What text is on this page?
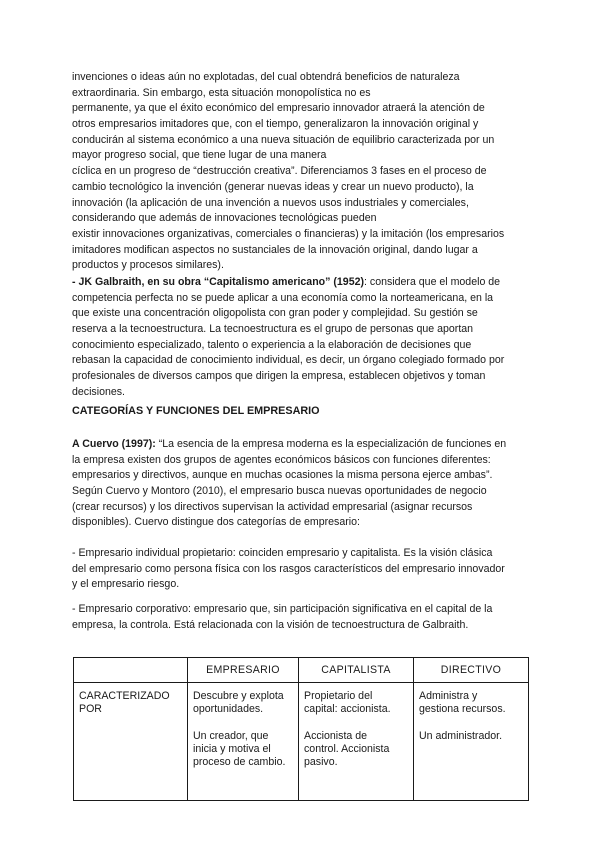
invenciones o ideas aún no explotadas, del cual obtendrá beneficios de naturaleza
extraordinaria. Sin embargo, esta situación monopolística no es
permanente, ya que el éxito económico del empresario innovador atraerá la atención de
otros empresarios imitadores que, con el tiempo, generalizaron la innovación original y
conducirán al sistema económico a una nueva situación de equilibrio caracterizada por un
mayor progreso social, que tiene lugar de una manera
cíclica en un progreso de “destrucción creativa”. Diferenciamos 3 fases en el proceso de
cambio tecnológico la invención (generar nuevas ideas y crear un nuevo producto), la
innovación (la aplicación de una invención a nuevos usos industriales y comerciales,
considerando que además de innovaciones tecnológicas pueden
existir innovaciones organizativas, comerciales o financieras) y la imitación (los empresarios
imitadores modifican aspectos no sustanciales de la innovación original, dando lugar a
productos y procesos similares).
- JK Galbraith, en su obra “Capitalismo americano” (1952): considera que el modelo de
competencia perfecta no se puede aplicar a una economía como la norteamericana, en la
que existe una concentración oligopolista con gran poder y complejidad. Su gestión se
reserva a la tecnoestructura. La tecnoestructura es el grupo de personas que aportan
conocimiento especializado, talento o experiencia a la elaboración de decisiones que
rebasan la capacidad de conocimiento individual, es decir, un órgano colegiado formado por
profesionales de diversos campos que dirigen la empresa, establecen objetivos y toman
decisiones.
CATEGORÍAS Y FUNCIONES DEL EMPRESARIO
A Cuervo (1997): “La esencia de la empresa moderna es la especialización de funciones en
la empresa existen dos grupos de agentes económicos básicos con funciones diferentes:
empresarios y directivos, aunque en muchas ocasiones la misma persona ejerce ambas”.
Según Cuervo y Montoro (2010), el empresario busca nuevas oportunidades de negocio
(crear recursos) y los directivos supervisan la actividad empresarial (asignar recursos
disponibles). Cuervo distingue dos categorías de empresario:
- Empresario individual propietario: coinciden empresario y capitalista. Es la visión clásica
del empresario como persona física con los rasgos característicos del empresario innovador
y el empresario riesgo.
- Empresario corporativo: empresario que, sin participación significativa en el capital de la
empresa, la controla. Está relacionada con la visión de tecnoestructura de Galbraith.
	EMPRESARIO	CAPITALISTA	DIRECTIVO

CARACTERIZADO
POR	Descubre y explota
oportunidades.
Un creador, que
inicia y motiva el
proceso de cambio.	Propietario del
capital: accionista.
Accionista de
control. Accionista
pasivo.	Administra y
gestiona recursos.
Un administrador.
